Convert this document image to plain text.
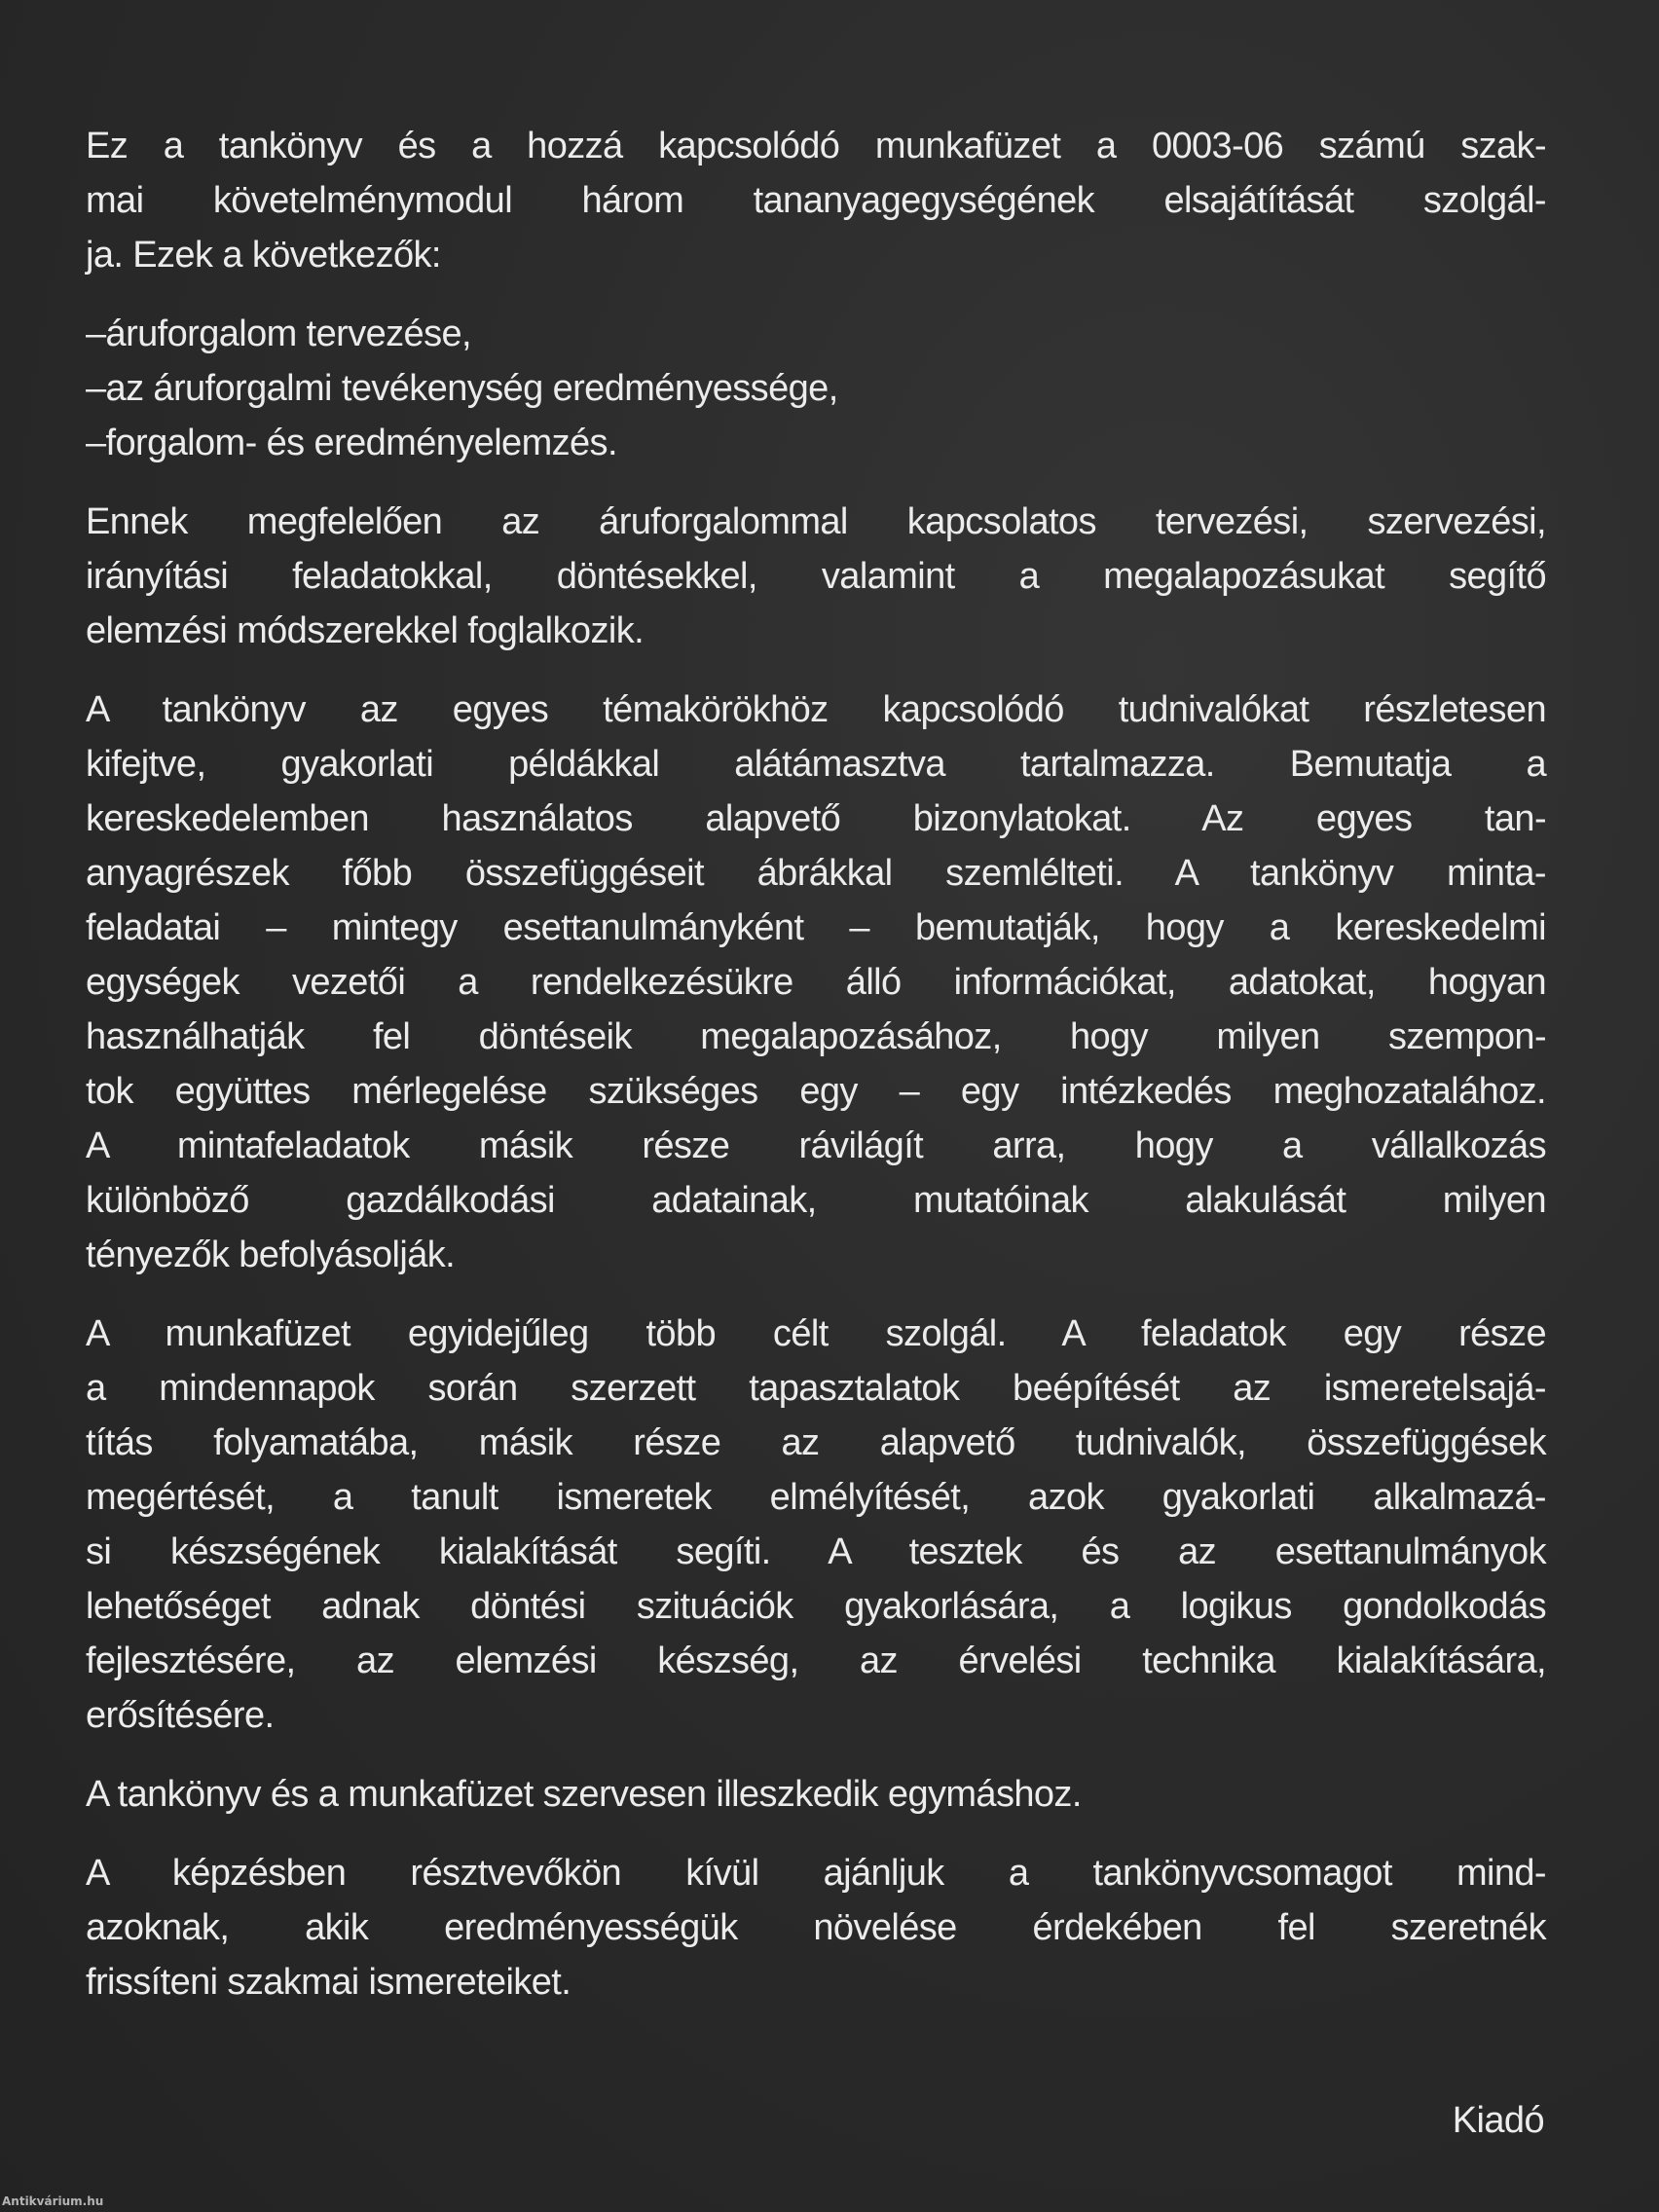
Ez a tankönyv és a hozzá kapcsolódó munkafüzet a 0003-06 számú szak-
mai követelménymodul három tananyagegységének elsajátítását szolgál-
ja. Ezek a következők:
–áruforgalom tervezése,
–az áruforgalmi tevékenység eredményessége,
–forgalom- és eredményelemzés.
Ennek megfelelően az áruforgalommal kapcsolatos tervezési, szervezési,
irányítási feladatokkal, döntésekkel, valamint a megalapozásukat segítő
elemzési módszerekkel foglalkozik.
A tankönyv az egyes témakörökhöz kapcsolódó tudnivalókat részletesen
kifejtve, gyakorlati példákkal alátámasztva tartalmazza. Bemutatja a
kereskedelemben használatos alapvető bizonylatokat. Az egyes tan-
anyagrészek főbb összefüggéseit ábrákkal szemlélteti. A tankönyv minta-
feladatai – mintegy esettanulmányként – bemutatják, hogy a kereskedelmi
egységek vezetői a rendelkezésükre álló információkat, adatokat, hogyan
használhatják fel döntéseik megalapozásához, hogy milyen szempon-
tok együttes mérlegelése szükséges egy – egy intézkedés meghozatalához.
A mintafeladatok másik része rávilágít arra, hogy a vállalkozás
különböző gazdálkodási adatainak, mutatóinak alakulását milyen
tényezők befolyásolják.
A munkafüzet egyidejűleg több célt szolgál. A feladatok egy része
a mindennapok során szerzett tapasztalatok beépítését az ismeretelsajá-
títás folyamatába, másik része az alapvető tudnivalók, összefüggések
megértését, a tanult ismeretek elmélyítését, azok gyakorlati alkalmazá-
si készségének kialakítását segíti. A tesztek és az esettanulmányok
lehetőséget adnak döntési szituációk gyakorlására, a logikus gondolkodás
fejlesztésére, az elemzési készség, az érvelési technika kialakítására,
erősítésére.
A tankönyv és a munkafüzet szervesen illeszkedik egymáshoz.
A képzésben résztvevőkön kívül ajánljuk a tankönyvcsomagot mind-
azoknak, akik eredményességük növelése érdekében fel szeretnék
frissíteni szakmai ismereteiket.
Kiadó
Antikvárium.hu
